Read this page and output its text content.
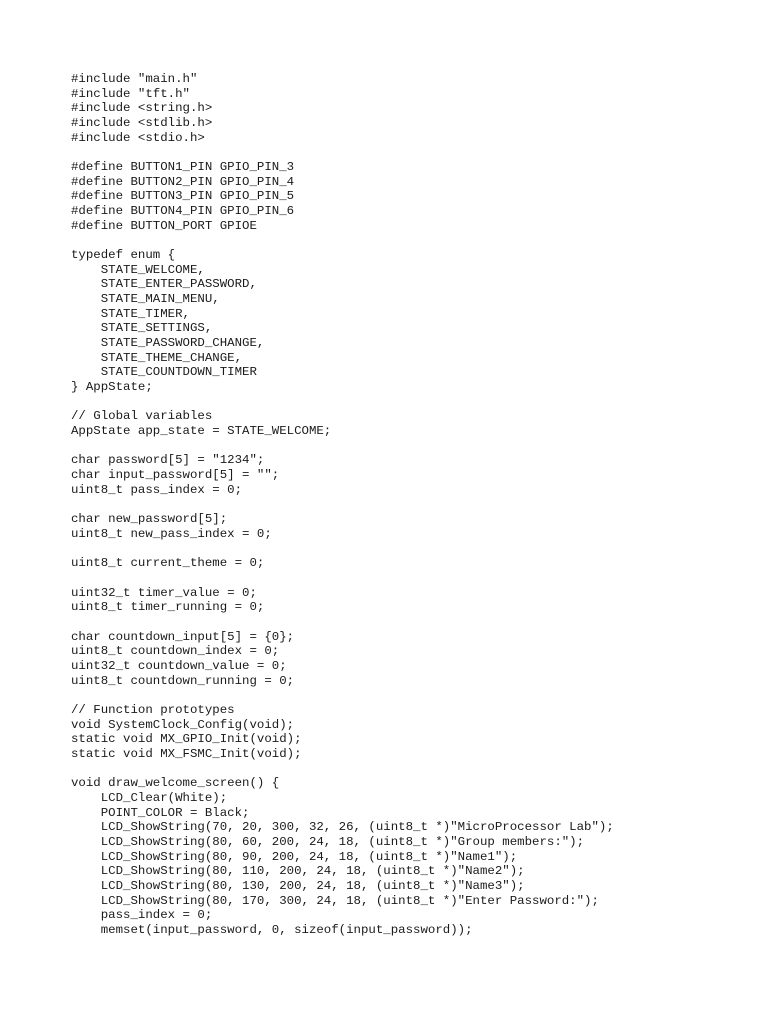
#include "main.h"
#include "tft.h"
#include <string.h>
#include <stdlib.h>
#include <stdio.h>
#define BUTTON1_PIN GPIO_PIN_3
#define BUTTON2_PIN GPIO_PIN_4
#define BUTTON3_PIN GPIO_PIN_5
#define BUTTON4_PIN GPIO_PIN_6
#define BUTTON_PORT GPIOE
typedef enum {
STATE_WELCOME,
STATE_ENTER_PASSWORD,
STATE_MAIN_MENU,
STATE_TIMER,
STATE_SETTINGS,
STATE_PASSWORD_CHANGE,
STATE_THEME_CHANGE,
STATE_COUNTDOWN_TIMER
} AppState;
// Global variables
AppState app_state = STATE_WELCOME;
char password[5] = "1234";
char input_password[5] = "";
uint8_t pass_index = 0;
char new_password[5];
uint8_t new_pass_index = 0;
uint8_t current_theme = 0;
uint32_t timer_value = 0;
uint8_t timer_running = 0;
char countdown_input[5] = {0};
uint8_t countdown_index = 0;
uint32_t countdown_value = 0;
uint8_t countdown_running = 0;
// Function prototypes
void SystemClock_Config(void);
static void MX_GPIO_Init(void);
static void MX_FSMC_Init(void);
void draw_welcome_screen() {
LCD_Clear(White);
POINT_COLOR = Black;
LCD_ShowString(70, 20, 300, 32, 26, (uint8_t *)"MicroProcessor Lab");
LCD_ShowString(80, 60, 200, 24, 18, (uint8_t *)"Group members:");
LCD_ShowString(80, 90, 200, 24, 18, (uint8_t *)"Name1");
LCD_ShowString(80, 110, 200, 24, 18, (uint8_t *)"Name2");
LCD_ShowString(80, 130, 200, 24, 18, (uint8_t *)"Name3");
LCD_ShowString(80, 170, 300, 24, 18, (uint8_t *)"Enter Password:");
pass_index = 0;
memset(input_password, 0, sizeof(input_password));
